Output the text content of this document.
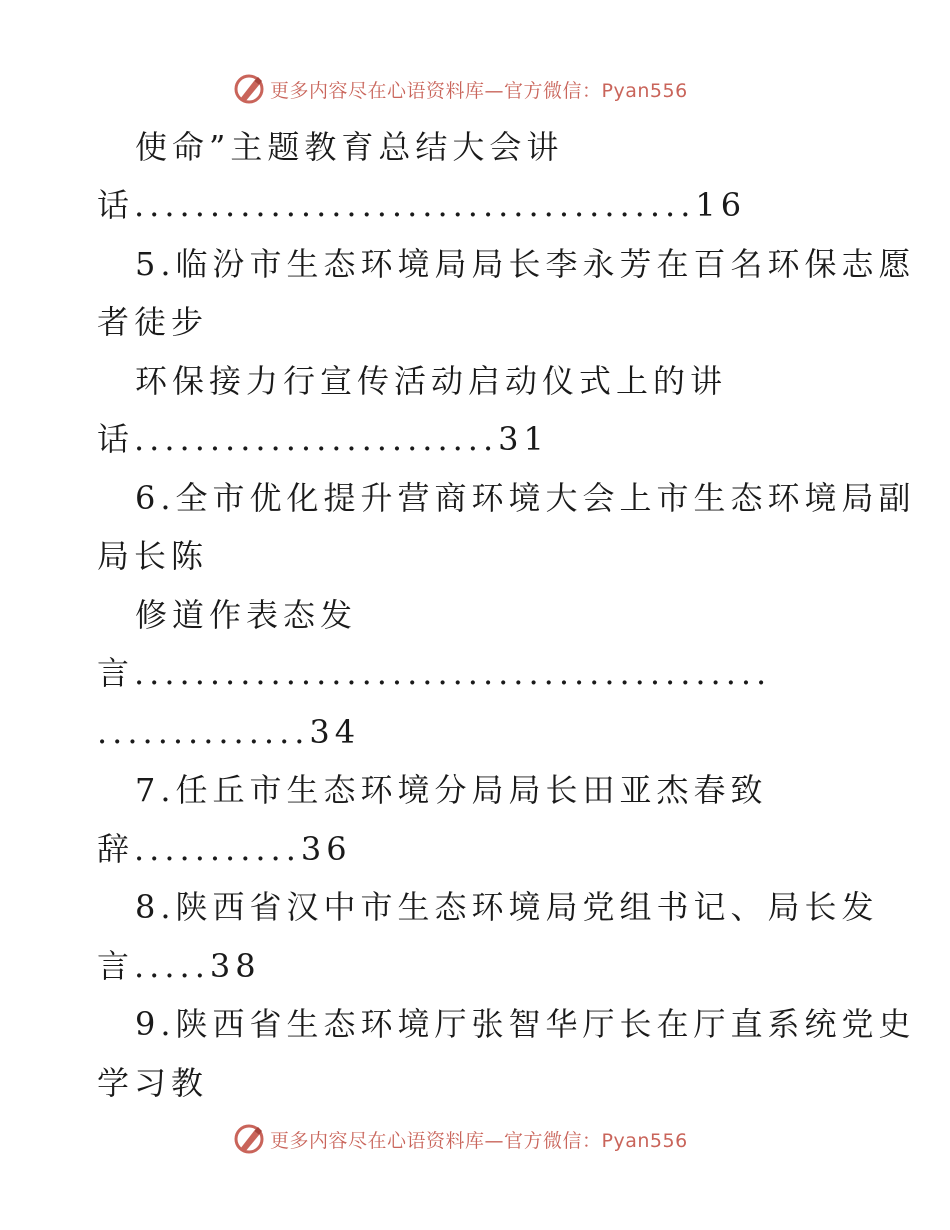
更多内容尽在心语资料库—官方微信：Pyan556
使命”主题教育总结大会讲
话.....................................16
5.临汾市生态环境局局长李永芳在百名环保志愿
者徒步
环保接力行宣传活动启动仪式上的讲
话........................31
6.全市优化提升营商环境大会上市生态环境局副
局长陈
修道作表态发
言..........................................
..............34
7.任丘市生态环境分局局长田亚杰春致
辞...........36
8.陕西省汉中市生态环境局党组书记、局长发
言.....38
9.陕西省生态环境厅张智华厅长在厅直系统党史
学习教
更多内容尽在心语资料库—官方微信：Pyan556
